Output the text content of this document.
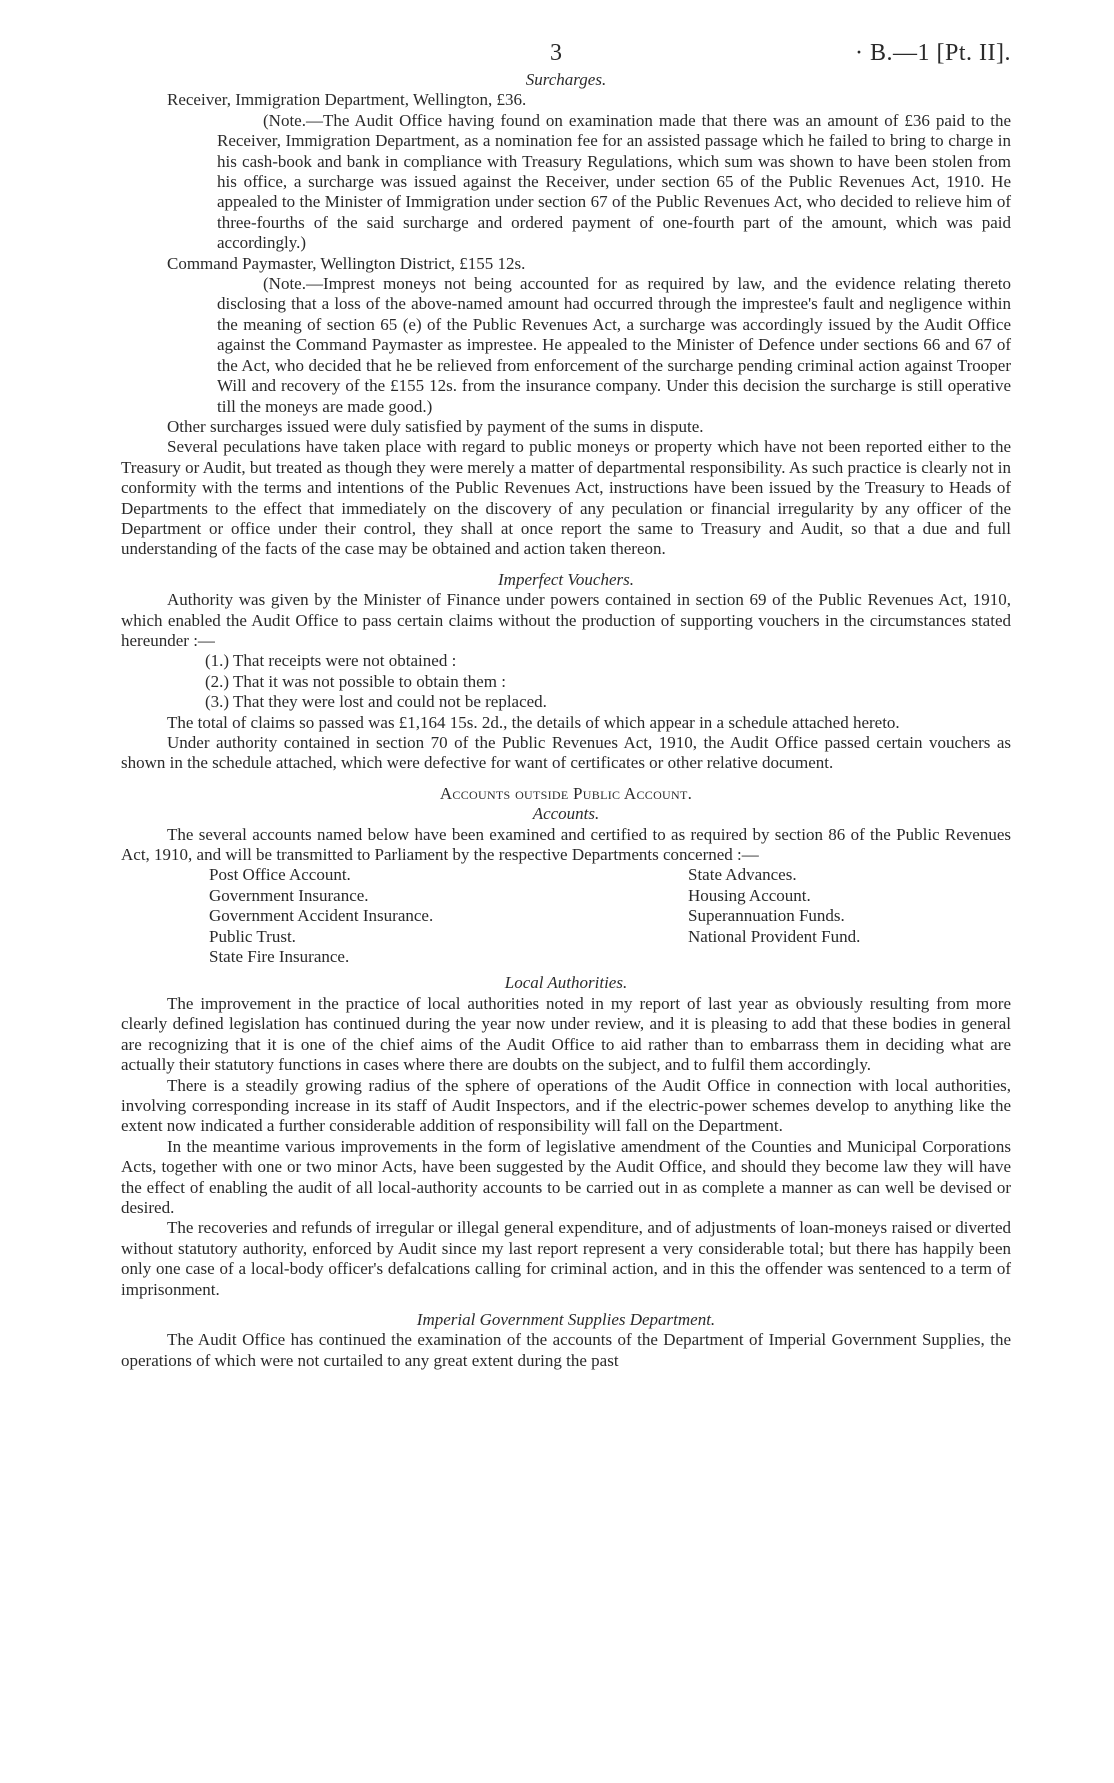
3	· B.—1 [Pt. II].

Surcharges.

Receiver, Immigration Department, Wellington, £36.

(Note.—The Audit Office having found on examination made that there was an amount of £36 paid to the Receiver, Immigration Department, as a nomination fee for an assisted passage which he failed to bring to charge in his cash-book and bank in compliance with Treasury Regulations, which sum was shown to have been stolen from his office, a surcharge was issued against the Receiver, under section 65 of the Public Revenues Act, 1910. He appealed to the Minister of Immigration under section 67 of the Public Revenues Act, who decided to relieve him of three-fourths of the said surcharge and ordered payment of one-fourth part of the amount, which was paid accordingly.)

Command Paymaster, Wellington District, £155 12s.

(Note.—Imprest moneys not being accounted for as required by law, and the evidence relating thereto disclosing that a loss of the above-named amount had occurred through the imprestee's fault and negligence within the meaning of section 65 (e) of the Public Revenues Act, a surcharge was accordingly issued by the Audit Office against the Command Paymaster as imprestee. He appealed to the Minister of Defence under sections 66 and 67 of the Act, who decided that he be relieved from enforcement of the surcharge pending criminal action against Trooper Will and recovery of the £155 12s. from the insurance company. Under this decision the surcharge is still operative till the moneys are made good.)

Other surcharges issued were duly satisfied by payment of the sums in dispute.

Several peculations have taken place with regard to public moneys or property which have not been reported either to the Treasury or Audit, but treated as though they were merely a matter of departmental responsibility. As such practice is clearly not in conformity with the terms and intentions of the Public Revenues Act, instructions have been issued by the Treasury to Heads of Departments to the effect that immediately on the discovery of any peculation or financial irregularity by any officer of the Department or office under their control, they shall at once report the same to Treasury and Audit, so that a due and full understanding of the facts of the case may be obtained and action taken thereon.

Imperfect Vouchers.

Authority was given by the Minister of Finance under powers contained in section 69 of the Public Revenues Act, 1910, which enabled the Audit Office to pass certain claims without the production of supporting vouchers in the circumstances stated hereunder :—

(1.) That receipts were not obtained :

(2.) That it was not possible to obtain them :

(3.) That they were lost and could not be replaced.

The total of claims so passed was £1,164 15s. 2d., the details of which appear in a schedule attached hereto.

Under authority contained in section 70 of the Public Revenues Act, 1910, the Audit Office passed certain vouchers as shown in the schedule attached, which were defective for want of certificates or other relative document.

Accounts outside Public Account.

Accounts.

The several accounts named below have been examined and certified to as required by section 86 of the Public Revenues Act, 1910, and will be transmitted to Parliament by the respective Departments concerned :—

Post Office Account.
Government Insurance.
Government Accident Insurance.
Public Trust.
State Fire Insurance.
State Advances.
Housing Account.
Superannuation Funds.
National Provident Fund.

Local Authorities.

The improvement in the practice of local authorities noted in my report of last year as obviously resulting from more clearly defined legislation has continued during the year now under review, and it is pleasing to add that these bodies in general are recognizing that it is one of the chief aims of the Audit Office to aid rather than to embarrass them in deciding what are actually their statutory functions in cases where there are doubts on the subject, and to fulfil them accordingly.

There is a steadily growing radius of the sphere of operations of the Audit Office in connection with local authorities, involving corresponding increase in its staff of Audit Inspectors, and if the electric-power schemes develop to anything like the extent now indicated a further considerable addition of responsibility will fall on the Department.

In the meantime various improvements in the form of legislative amendment of the Counties and Municipal Corporations Acts, together with one or two minor Acts, have been suggested by the Audit Office, and should they become law they will have the effect of enabling the audit of all local-authority accounts to be carried out in as complete a manner as can well be devised or desired.

The recoveries and refunds of irregular or illegal general expenditure, and of adjustments of loan-moneys raised or diverted without statutory authority, enforced by Audit since my last report represent a very considerable total; but there has happily been only one case of a local-body officer's defalcations calling for criminal action, and in this the offender was sentenced to a term of imprisonment.

Imperial Government Supplies Department.

The Audit Office has continued the examination of the accounts of the Department of Imperial Government Supplies, the operations of which were not curtailed to any great extent during the past
